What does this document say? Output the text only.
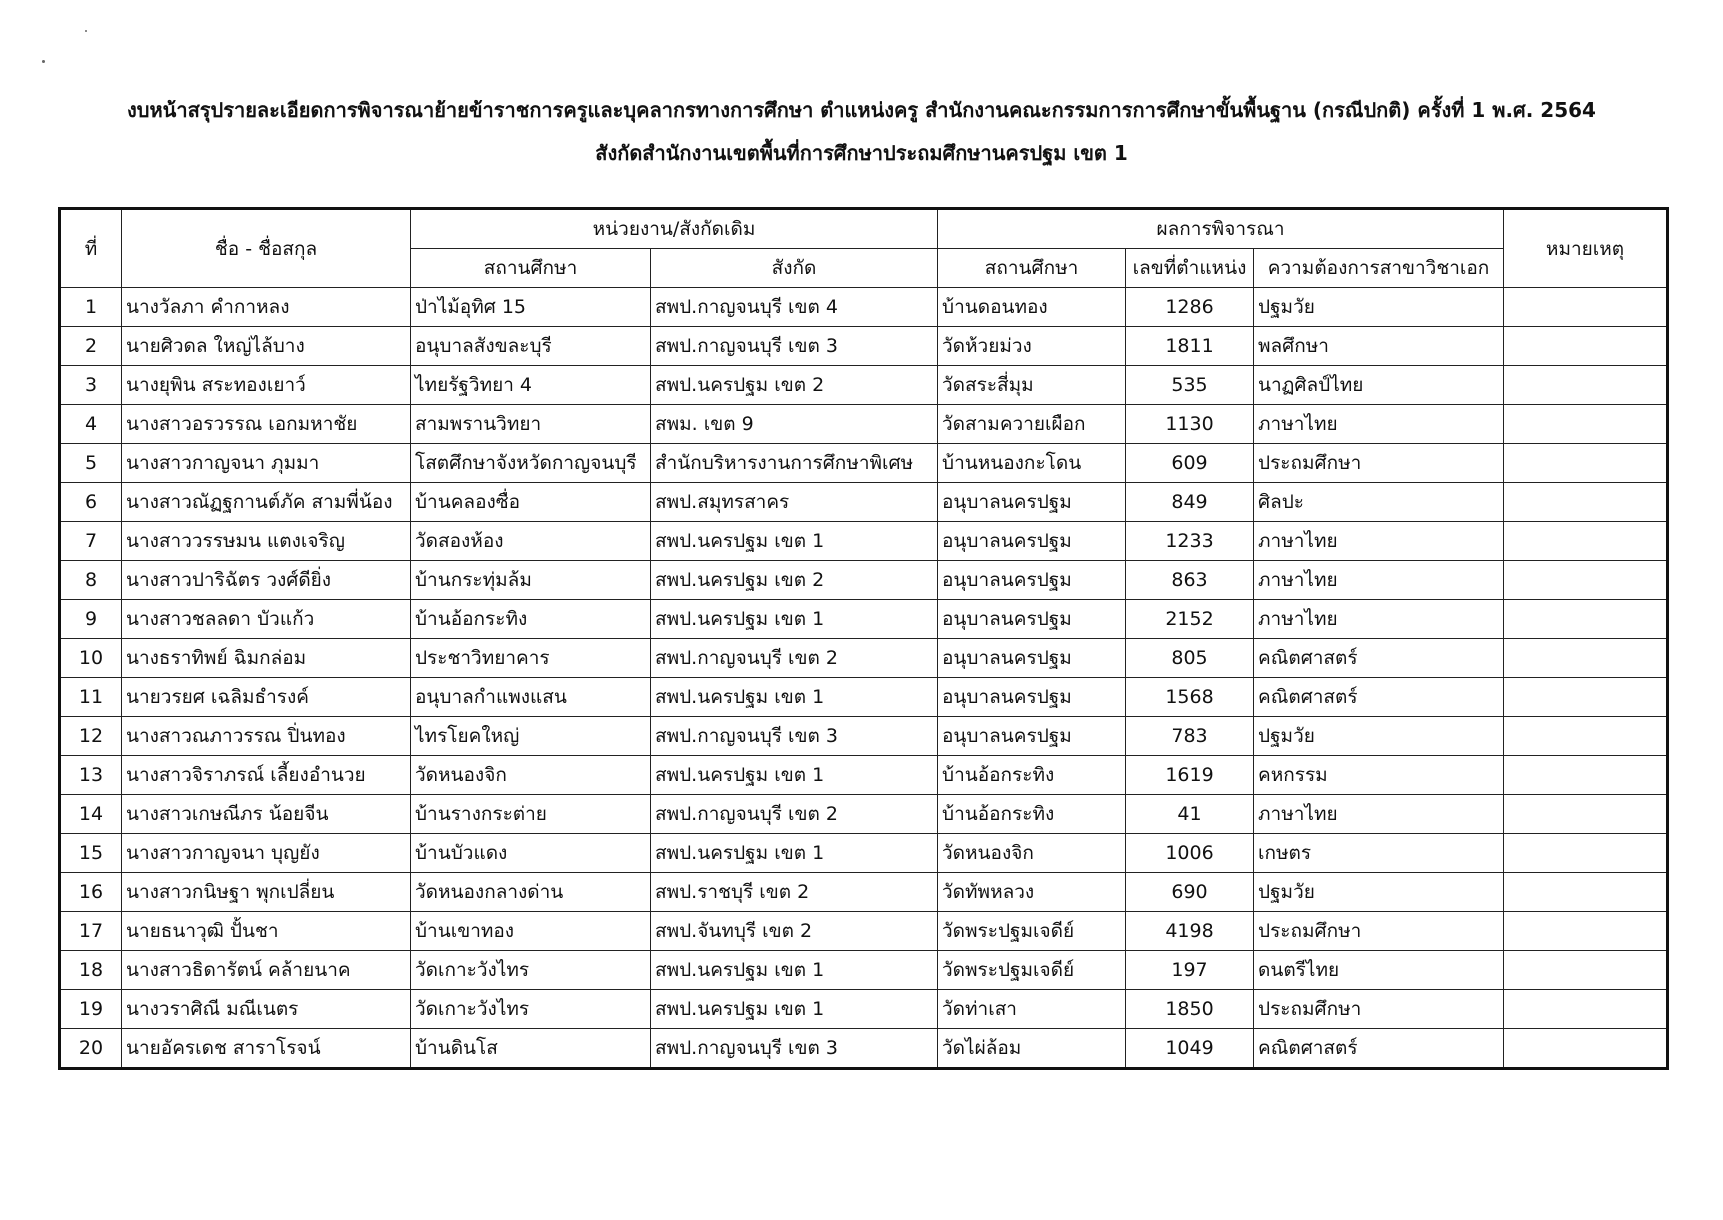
งบหน้าสรุปรายละเอียดการพิจารณาย้ายข้าราชการครูและบุคลากรทางการศึกษา ตำแหน่งครู สำนักงานคณะกรรมการการศึกษาขั้นพื้นฐาน (กรณีปกติ) ครั้งที่ 1 พ.ศ. 2564
สังกัดสำนักงานเขตพื้นที่การศึกษาประถมศึกษานครปฐม เขต 1
ที่	ชื่อ - ชื่อสกุล	หน่วยงาน/สังกัดเดิม		ผลการพิจารณา			หมายเหตุ
		สถานศึกษา	สังกัด	สถานศึกษา	เลขที่ตำแหน่ง	ความต้องการสาขาวิชาเอก	
1	นางวัลภา คำกาหลง	ป่าไม้อุทิศ 15	สพป.กาญจนบุรี เขต 4	บ้านดอนทอง	1286	ปฐมวัย	
2	นายศิวดล ใหญ่ไล้บาง	อนุบาลสังขละบุรี	สพป.กาญจนบุรี เขต 3	วัดห้วยม่วง	1811	พลศึกษา	
3	นางยุพิน สระทองเยาว์	ไทยรัฐวิทยา 4	สพป.นครปฐม เขต 2	วัดสระสี่มุม	535	นาฏศิลป์ไทย	
4	นางสาวอรวรรณ เอกมหาชัย	สามพรานวิทยา	สพม. เขต 9	วัดสามควายเผือก	1130	ภาษาไทย	
5	นางสาวกาญจนา ภุมมา	โสตศึกษาจังหวัดกาญจนบุรี	สำนักบริหารงานการศึกษาพิเศษ	บ้านหนองกะโดน	609	ประถมศึกษา	
6	นางสาวณัฏฐกานต์ภัค สามพี่น้อง	บ้านคลองซื่อ	สพป.สมุทรสาคร	อนุบาลนครปฐม	849	ศิลปะ	
7	นางสาววรรษมน แตงเจริญ	วัดสองห้อง	สพป.นครปฐม เขต 1	อนุบาลนครปฐม	1233	ภาษาไทย	
8	นางสาวปาริฉัตร วงศ์ดียิ่ง	บ้านกระทุ่มล้ม	สพป.นครปฐม เขต 2	อนุบาลนครปฐม	863	ภาษาไทย	
9	นางสาวชลลดา บัวแก้ว	บ้านอ้อกระทิง	สพป.นครปฐม เขต 1	อนุบาลนครปฐม	2152	ภาษาไทย	
10	นางธราทิพย์ ฉิมกล่อม	ประชาวิทยาคาร	สพป.กาญจนบุรี เขต 2	อนุบาลนครปฐม	805	คณิตศาสตร์	
11	นายวรยศ เฉลิมธำรงค์	อนุบาลกำแพงแสน	สพป.นครปฐม เขต 1	อนุบาลนครปฐม	1568	คณิตศาสตร์	
12	นางสาวณภาวรรณ ปิ่นทอง	ไทรโยคใหญ่	สพป.กาญจนบุรี เขต 3	อนุบาลนครปฐม	783	ปฐมวัย	
13	นางสาวจิราภรณ์ เลี้ยงอำนวย	วัดหนองจิก	สพป.นครปฐม เขต 1	บ้านอ้อกระทิง	1619	คหกรรม	
14	นางสาวเกษณีภร น้อยจีน	บ้านรางกระต่าย	สพป.กาญจนบุรี เขต 2	บ้านอ้อกระทิง	41	ภาษาไทย	
15	นางสาวกาญจนา บุญยัง	บ้านบัวแดง	สพป.นครปฐม เขต 1	วัดหนองจิก	1006	เกษตร	
16	นางสาวกนิษฐา พุกเปลี่ยน	วัดหนองกลางด่าน	สพป.ราชบุรี เขต 2	วัดทัพหลวง	690	ปฐมวัย	
17	นายธนาวุฒิ ปั้นชา	บ้านเขาทอง	สพป.จันทบุรี เขต 2	วัดพระปฐมเจดีย์	4198	ประถมศึกษา	
18	นางสาวธิดารัตน์ คล้ายนาค	วัดเกาะวังไทร	สพป.นครปฐม เขต 1	วัดพระปฐมเจดีย์	197	ดนตรีไทย	
19	นางวราศิณี มณีเนตร	วัดเกาะวังไทร	สพป.นครปฐม เขต 1	วัดท่าเสา	1850	ประถมศึกษา	
20	นายอัครเดช สาราโรจน์	บ้านดินโส	สพป.กาญจนบุรี เขต 3	วัดไผ่ล้อม	1049	คณิตศาสตร์	
